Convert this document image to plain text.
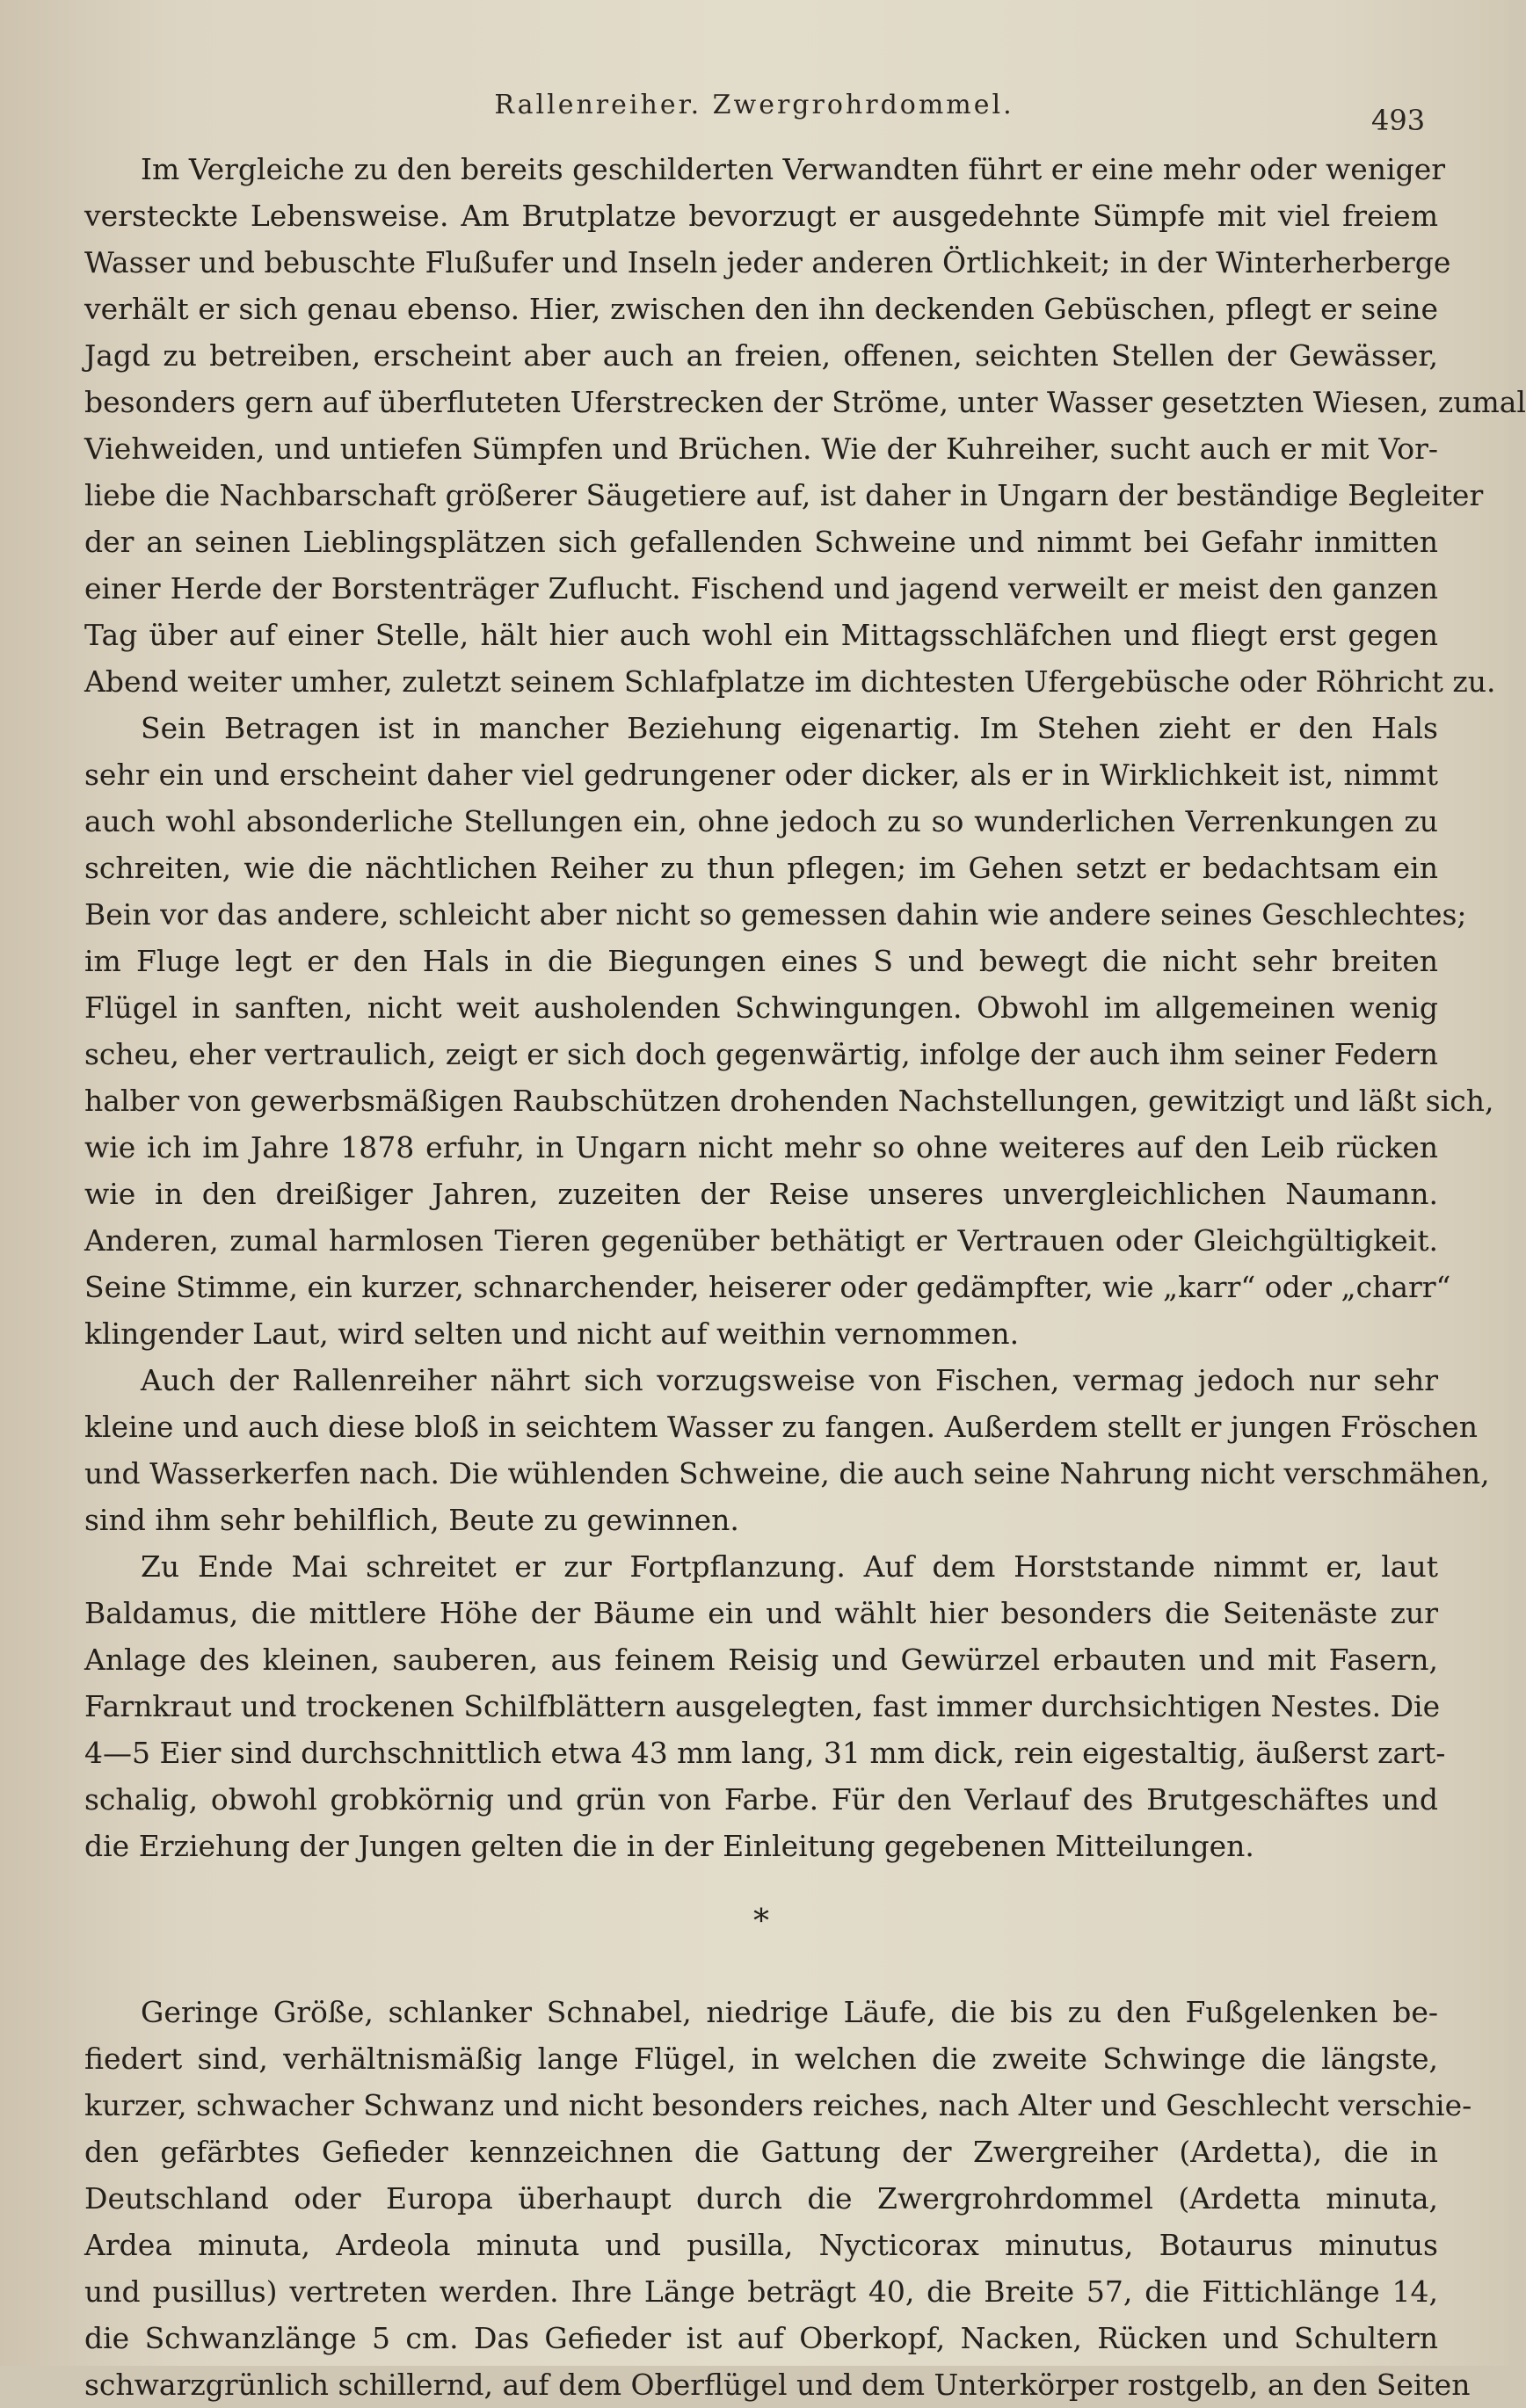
Rallenreiher. Zwergrohrdommel.	493
Im Vergleiche zu den bereits geschilderten Verwandten führt er eine mehr oder weniger
versteckte Lebensweise. Am Brutplatze bevorzugt er ausgedehnte Sümpfe mit viel freiem
Wasser und bebuschte Flußufer und Inseln jeder anderen Örtlichkeit; in der Winterherberge
verhält er sich genau ebenso. Hier, zwischen den ihn deckenden Gebüschen, pflegt er seine
Jagd zu betreiben, erscheint aber auch an freien, offenen, seichten Stellen der Gewässer,
besonders gern auf überfluteten Uferstrecken der Ströme, unter Wasser gesetzten Wiesen, zumal
Viehweiden, und untiefen Sümpfen und Brüchen. Wie der Kuhreiher, sucht auch er mit Vor-
liebe die Nachbarschaft größerer Säugetiere auf, ist daher in Ungarn der beständige Begleiter
der an seinen Lieblingsplätzen sich gefallenden Schweine und nimmt bei Gefahr inmitten
einer Herde der Borstenträger Zuflucht. Fischend und jagend verweilt er meist den ganzen
Tag über auf einer Stelle, hält hier auch wohl ein Mittagsschläfchen und fliegt erst gegen
Abend weiter umher, zuletzt seinem Schlafplatze im dichtesten Ufergebüsche oder Röhricht zu.
Sein Betragen ist in mancher Beziehung eigenartig. Im Stehen zieht er den Hals
sehr ein und erscheint daher viel gedrungener oder dicker, als er in Wirklichkeit ist, nimmt
auch wohl absonderliche Stellungen ein, ohne jedoch zu so wunderlichen Verrenkungen zu
schreiten, wie die nächtlichen Reiher zu thun pflegen; im Gehen setzt er bedachtsam ein
Bein vor das andere, schleicht aber nicht so gemessen dahin wie andere seines Geschlechtes;
im Fluge legt er den Hals in die Biegungen eines S und bewegt die nicht sehr breiten
Flügel in sanften, nicht weit ausholenden Schwingungen. Obwohl im allgemeinen wenig
scheu, eher vertraulich, zeigt er sich doch gegenwärtig, infolge der auch ihm seiner Federn
halber von gewerbsmäßigen Raubschützen drohenden Nachstellungen, gewitzigt und läßt sich,
wie ich im Jahre 1878 erfuhr, in Ungarn nicht mehr so ohne weiteres auf den Leib rücken
wie in den dreißiger Jahren, zuzeiten der Reise unseres unvergleichlichen Naumann.
Anderen, zumal harmlosen Tieren gegenüber bethätigt er Vertrauen oder Gleichgültigkeit.
Seine Stimme, ein kurzer, schnarchender, heiserer oder gedämpfter, wie „karr“ oder „charr“
klingender Laut, wird selten und nicht auf weithin vernommen.
Auch der Rallenreiher nährt sich vorzugsweise von Fischen, vermag jedoch nur sehr
kleine und auch diese bloß in seichtem Wasser zu fangen. Außerdem stellt er jungen Fröschen
und Wasserkerfen nach. Die wühlenden Schweine, die auch seine Nahrung nicht verschmähen,
sind ihm sehr behilflich, Beute zu gewinnen.
Zu Ende Mai schreitet er zur Fortpflanzung. Auf dem Horststande nimmt er, laut
Baldamus, die mittlere Höhe der Bäume ein und wählt hier besonders die Seitenäste zur
Anlage des kleinen, sauberen, aus feinem Reisig und Gewürzel erbauten und mit Fasern,
Farnkraut und trockenen Schilfblättern ausgelegten, fast immer durchsichtigen Nestes. Die
4—5 Eier sind durchschnittlich etwa 43 mm lang, 31 mm dick, rein eigestaltig, äußerst zart-
schalig, obwohl grobkörnig und grün von Farbe. Für den Verlauf des Brutgeschäftes und
die Erziehung der Jungen gelten die in der Einleitung gegebenen Mitteilungen.
*
Geringe Größe, schlanker Schnabel, niedrige Läufe, die bis zu den Fußgelenken be-
fiedert sind, verhältnismäßig lange Flügel, in welchen die zweite Schwinge die längste,
kurzer, schwacher Schwanz und nicht besonders reiches, nach Alter und Geschlecht verschie-
den gefärbtes Gefieder kennzeichnen die Gattung der Zwergreiher (Ardetta), die in
Deutschland oder Europa überhaupt durch die Zwergrohrdommel (Ardetta minuta,
Ardea minuta, Ardeola minuta und pusilla, Nycticorax minutus, Botaurus minutus
und pusillus) vertreten werden. Ihre Länge beträgt 40, die Breite 57, die Fittichlänge 14,
die Schwanzlänge 5 cm. Das Gefieder ist auf Oberkopf, Nacken, Rücken und Schultern
schwarzgrünlich schillernd, auf dem Oberflügel und dem Unterkörper rostgelb, an den Seiten
